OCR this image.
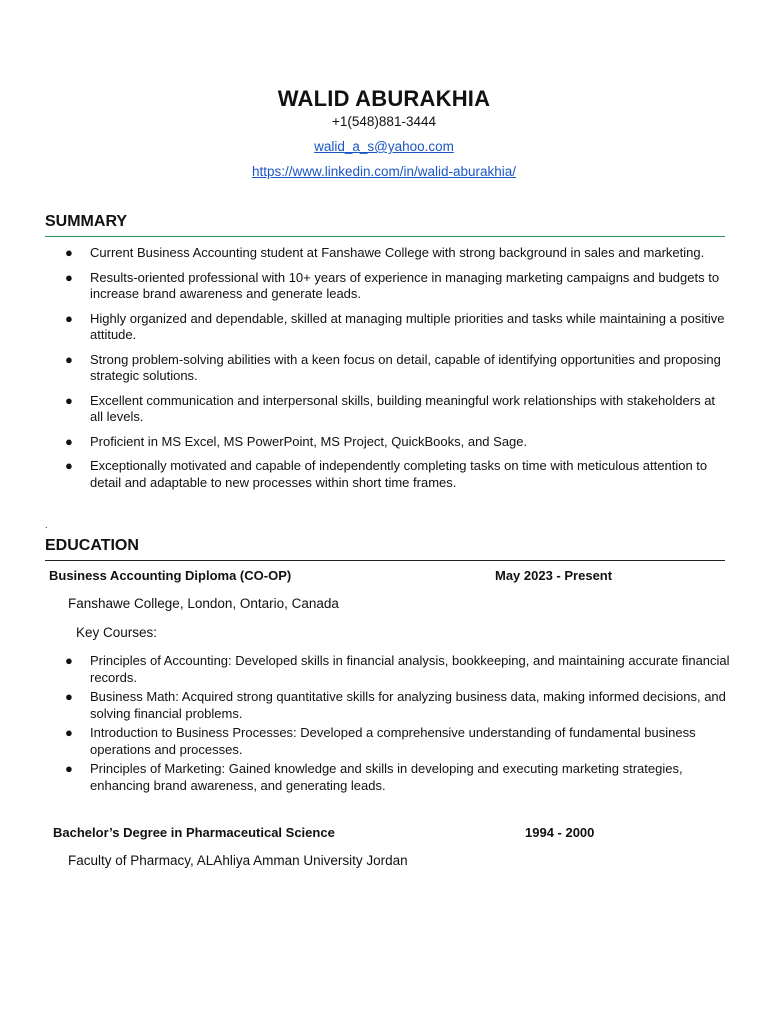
WALID ABURAKHIA
+1(548)881-3444
walid_a_s@yahoo.com
https://www.linkedin.com/in/walid-aburakhia/
SUMMARY
● Current Business Accounting student at Fanshawe College with strong background in sales and marketing.
● Results-oriented professional with 10+ years of experience in managing marketing campaigns and budgets to increase brand awareness and generate leads.
● Highly organized and dependable, skilled at managing multiple priorities and tasks while maintaining a positive attitude.
● Strong problem-solving abilities with a keen focus on detail, capable of identifying opportunities and proposing strategic solutions.
● Excellent communication and interpersonal skills, building meaningful work relationships with stakeholders at all levels.
● Proficient in MS Excel, MS PowerPoint, MS Project, QuickBooks, and Sage.
● Exceptionally motivated and capable of independently completing tasks on time with meticulous attention to detail and adaptable to new processes within short time frames.
.
EDUCATION
Business Accounting Diploma (CO-OP)	May 2023 - Present
Fanshawe College, London, Ontario, Canada
Key Courses:
● Principles of Accounting: Developed skills in financial analysis, bookkeeping, and maintaining accurate financial records.
● Business Math: Acquired strong quantitative skills for analyzing business data, making informed decisions, and solving financial problems.
● Introduction to Business Processes: Developed a comprehensive understanding of fundamental business operations and processes.
● Principles of Marketing: Gained knowledge and skills in developing and executing marketing strategies, enhancing brand awareness, and generating leads.
Bachelor’s Degree in Pharmaceutical Science	1994 - 2000
Faculty of Pharmacy, ALAhliya Amman University Jordan
